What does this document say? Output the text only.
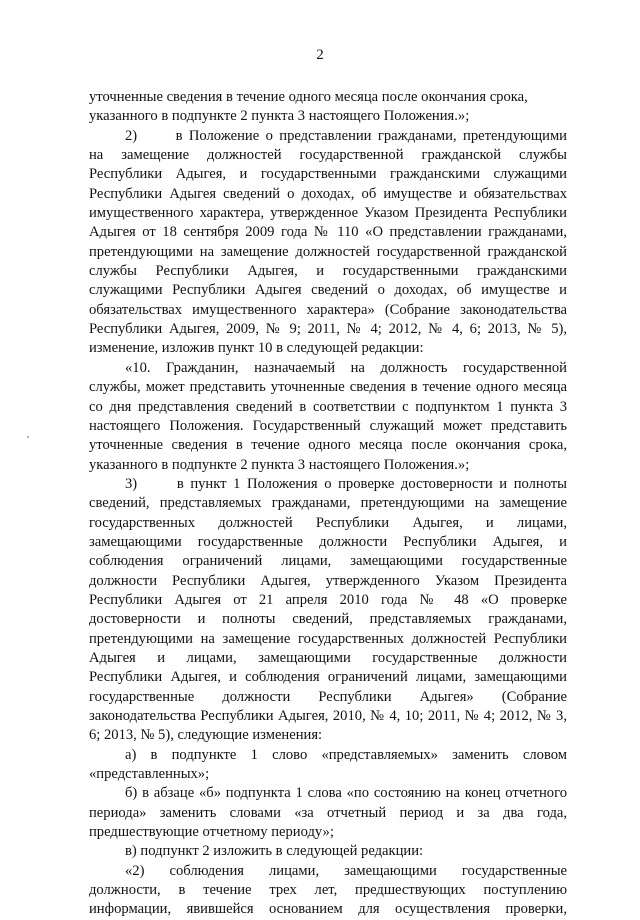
2

уточненные сведения в течение одного месяца после окончания срока,

указанного в подпункте 2 пункта 3 настоящего Положения.»;

2)      в Положение о представлении гражданами, претендующими

на замещение должностей государственной гражданской службы

Республики Адыгея, и государственными гражданскими служащими

Республики Адыгея сведений о доходах, об имуществе и обязательствах

имущественного характера, утвержденное Указом Президента Республики

Адыгея от 18 сентября 2009 года № 110 «О представлении гражданами,

претендующими на замещение должностей государственной гражданской

службы Республики Адыгея, и государственными гражданскими

служащими Республики Адыгея сведений о доходах, об имуществе и

обязательствах имущественного характера» (Собрание законодательства

Республики Адыгея, 2009, № 9; 2011, № 4; 2012, № 4, 6; 2013, № 5),

изменение, изложив пункт 10 в следующей редакции:

«10. Гражданин, назначаемый на должность государственной

службы, может представить уточненные сведения в течение одного месяца

со дня представления сведений в соответствии с подпунктом 1 пункта 3

настоящего Положения. Государственный служащий может представить

уточненные сведения в течение одного месяца после окончания срока,

указанного в подпункте 2 пункта 3 настоящего Положения.»;

3)      в пункт 1 Положения о проверке достоверности и полноты

сведений, представляемых гражданами, претендующими на замещение

государственных должностей Республики Адыгея, и лицами,

замещающими государственные должности Республики Адыгея, и

соблюдения ограничений лицами, замещающими государственные

должности Республики Адыгея, утвержденного Указом Президента

Республики Адыгея от 21 апреля 2010 года № 48 «О проверке

достоверности и полноты сведений, представляемых гражданами,

претендующими на замещение государственных должностей Республики

Адыгея и лицами, замещающими государственные должности

Республики Адыгея, и соблюдения ограничений лицами, замещающими

государственные должности Республики Адыгея» (Собрание

законодательства Республики Адыгея, 2010, № 4, 10; 2011, № 4; 2012, № 3,

6; 2013, № 5), следующие изменения:

а) в подпункте 1 слово «представляемых» заменить словом

«представленных»;

б) в абзаце «б» подпункта 1 слова «по состоянию на конец отчетного

периода» заменить словами «за отчетный период и за два года,

предшествующие отчетному периоду»;

в) подпункт 2 изложить в следующей редакции:

«2) соблюдения лицами, замещающими государственные

должности, в течение трех лет, предшествующих поступлению

информации, явившейся основанием для осуществления проверки,
